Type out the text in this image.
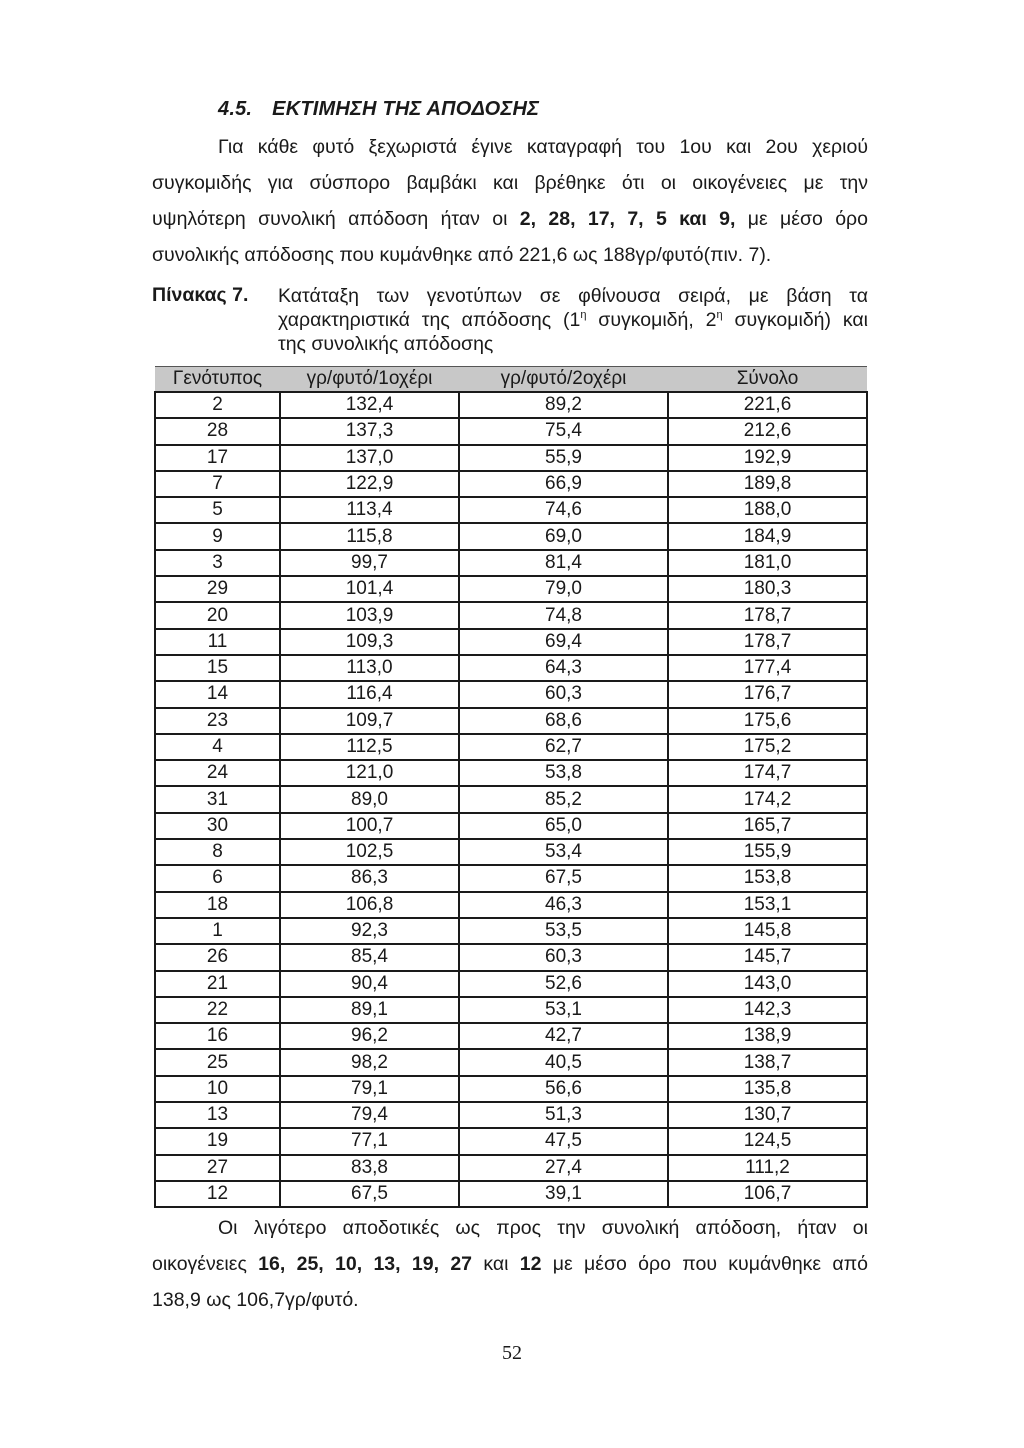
4.5. ΕΚΤΙΜΗΣΗ ΤΗΣ ΑΠΟΔΟΣΗΣ
Για κάθε φυτό ξεχωριστά έγινε καταγραφή του 1ου και 2ου χεριού
συγκομιδής για σύσπορο βαμβάκι και βρέθηκε ότι οι οικογένειες με την
υψηλότερη συνολική απόδοση ήταν οι 2, 28, 17, 7, 5 και 9, με μέσο όρο
συνολικής απόδοσης που κυμάνθηκε από 221,6 ως 188γρ/φυτό(πιν. 7).
Πίνακας 7. Κατάταξη των γενοτύπων σε φθίνουσα σειρά, με βάση τα
χαρακτηριστικά της απόδοσης ($1^\eta$ συγκομιδή, $2^\eta$ συγκομιδή) και
της συνολικής απόδοσης
Γενότυπος	γρ/φυτό/1οχέρι	γρ/φυτό/2οχέρι	Σύνολο
2	132,4	89,2	221,6
28	137,3	75,4	212,6
17	137,0	55,9	192,9
7	122,9	66,9	189,8
5	113,4	74,6	188,0
9	115,8	69,0	184,9
3	99,7	81,4	181,0
29	101,4	79,0	180,3
20	103,9	74,8	178,7
11	109,3	69,4	178,7
15	113,0	64,3	177,4
14	116,4	60,3	176,7
23	109,7	68,6	175,6
4	112,5	62,7	175,2
24	121,0	53,8	174,7
31	89,0	85,2	174,2
30	100,7	65,0	165,7
8	102,5	53,4	155,9
6	86,3	67,5	153,8
18	106,8	46,3	153,1
1	92,3	53,5	145,8
26	85,4	60,3	145,7
21	90,4	52,6	143,0
22	89,1	53,1	142,3
16	96,2	42,7	138,9
25	98,2	40,5	138,7
10	79,1	56,6	135,8
13	79,4	51,3	130,7
19	77,1	47,5	124,5
27	83,8	27,4	111,2
12	67,5	39,1	106,7
Οι λιγότερο αποδοτικές ως προς την συνολική απόδοση, ήταν οι
οικογένειες 16, 25, 10, 13, 19, 27 και 12 με μέσο όρο που κυμάνθηκε από
138,9 ως 106,7γρ/φυτό.
52
